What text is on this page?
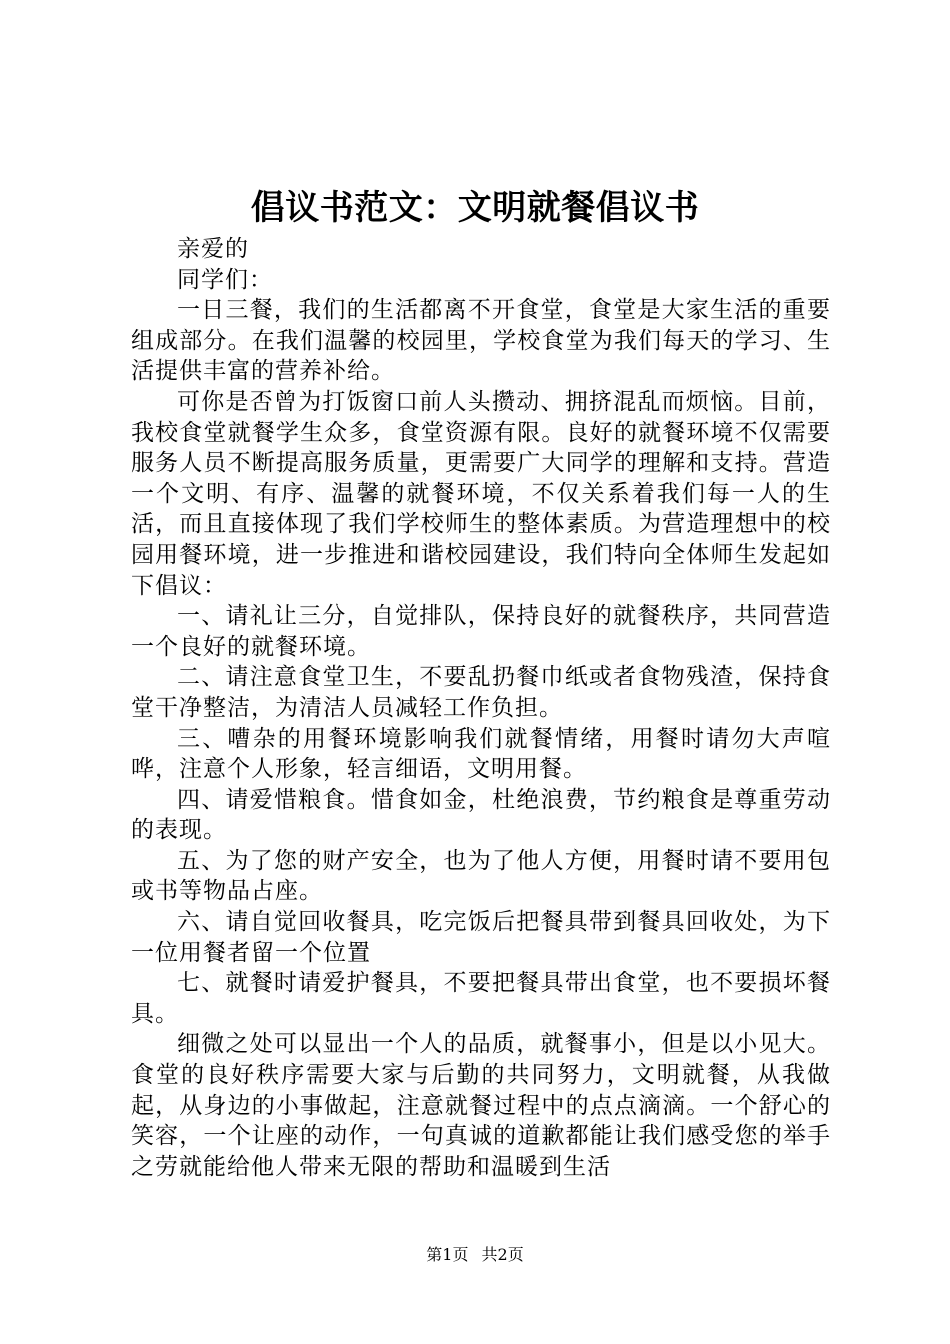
倡议书范文：文明就餐倡议书

亲爱的

同学们：

一日三餐，我们的生活都离不开食堂，食堂是大家生活的重要组成部分。在我们温馨的校园里，学校食堂为我们每天的学习、生活提供丰富的营养补给。

可你是否曾为打饭窗口前人头攒动、拥挤混乱而烦恼。目前，我校食堂就餐学生众多，食堂资源有限。良好的就餐环境不仅需要服务人员不断提高服务质量，更需要广大同学的理解和支持。营造一个文明、有序、温馨的就餐环境，不仅关系着我们每一人的生活，而且直接体现了我们学校师生的整体素质。为营造理想中的校园用餐环境，进一步推进和谐校园建设，我们特向全体师生发起如下倡议：

一、请礼让三分，自觉排队，保持良好的就餐秩序，共同营造一个良好的就餐环境。

二、请注意食堂卫生，不要乱扔餐巾纸或者食物残渣，保持食堂干净整洁，为清洁人员减轻工作负担。

三、嘈杂的用餐环境影响我们就餐情绪，用餐时请勿大声喧哗，注意个人形象，轻言细语，文明用餐。

四、请爱惜粮食。惜食如金，杜绝浪费，节约粮食是尊重劳动的表现。

五、为了您的财产安全，也为了他人方便，用餐时请不要用包或书等物品占座。

六、请自觉回收餐具，吃完饭后把餐具带到餐具回收处，为下一位用餐者留一个位置

七、就餐时请爱护餐具，不要把餐具带出食堂，也不要损坏餐具。

细微之处可以显出一个人的品质，就餐事小，但是以小见大。食堂的良好秩序需要大家与后勤的共同努力，文明就餐，从我做起，从身边的小事做起，注意就餐过程中的点点滴滴。一个舒心的笑容，一个让座的动作，一句真诚的道歉都能让我们感受您的举手之劳就能给他人带来无限的帮助和温暖到生活

第1页 共2页
